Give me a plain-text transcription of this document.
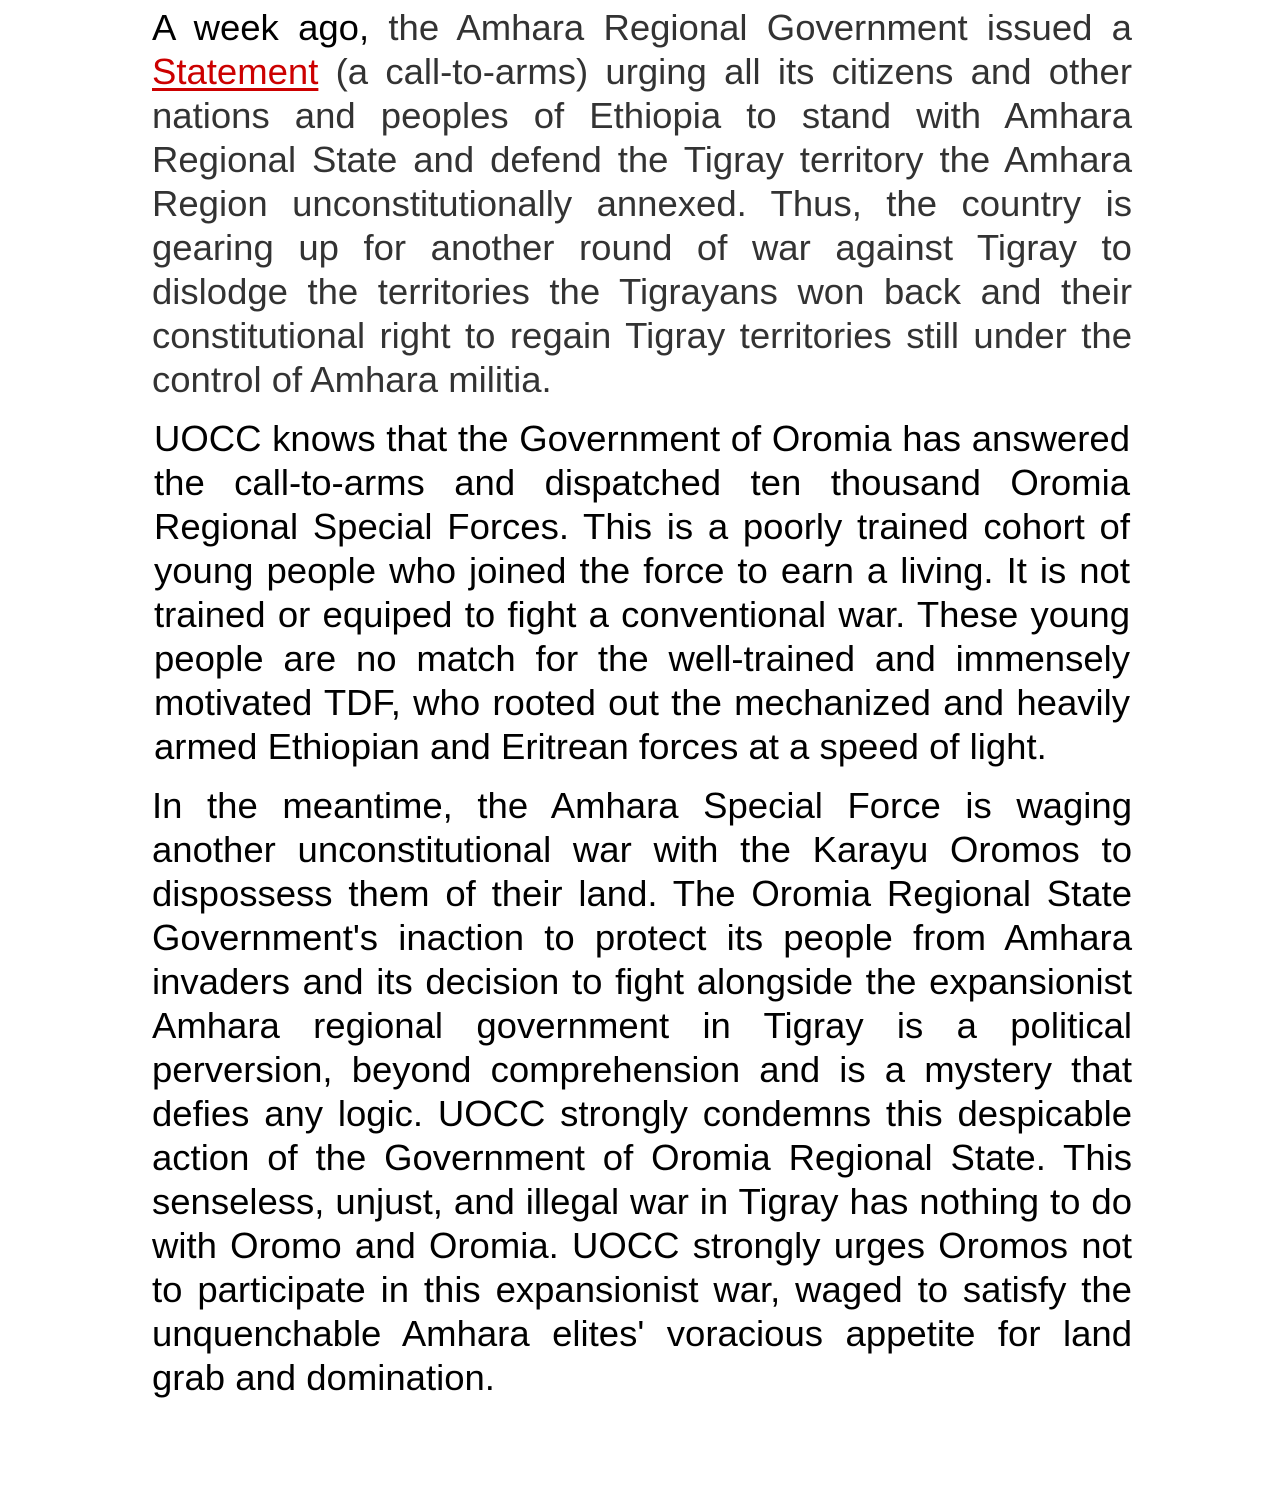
A week ago, the Amhara Regional Government issued a Statement (a call-to-arms) urging all its citizens and other nations and peoples of Ethiopia to stand with Amhara Regional State and defend the Tigray territory the Amhara Region unconstitutionally annexed. Thus, the country is gearing up for another round of war against Tigray to dislodge the territories the Tigrayans won back and their constitutional right to regain Tigray territories still under the control of Amhara militia.

UOCC knows that the Government of Oromia has answered the call-to-arms and dispatched ten thousand Oromia Regional Special Forces. This is a poorly trained cohort of young people who joined the force to earn a living. It is not trained or equiped to fight a conventional war. These young people are no match for the well-trained and immensely motivated TDF, who rooted out the mechanized and heavily armed Ethiopian and Eritrean forces at a speed of light.

In the meantime, the Amhara Special Force is waging another unconstitutional war with the Karayu Oromos to dispossess them of their land. The Oromia Regional State Government's inaction to protect its people from Amhara invaders and its decision to fight alongside the expansionist Amhara regional government in Tigray is a political perversion, beyond comprehension and is a mystery that defies any logic. UOCC strongly condemns this despicable action of the Government of Oromia Regional State. This senseless, unjust, and illegal war in Tigray has nothing to do with Oromo and Oromia. UOCC strongly urges Oromos not to participate in this expansionist war, waged to satisfy the unquenchable Amhara elites' voracious appetite for land grab and domination.
